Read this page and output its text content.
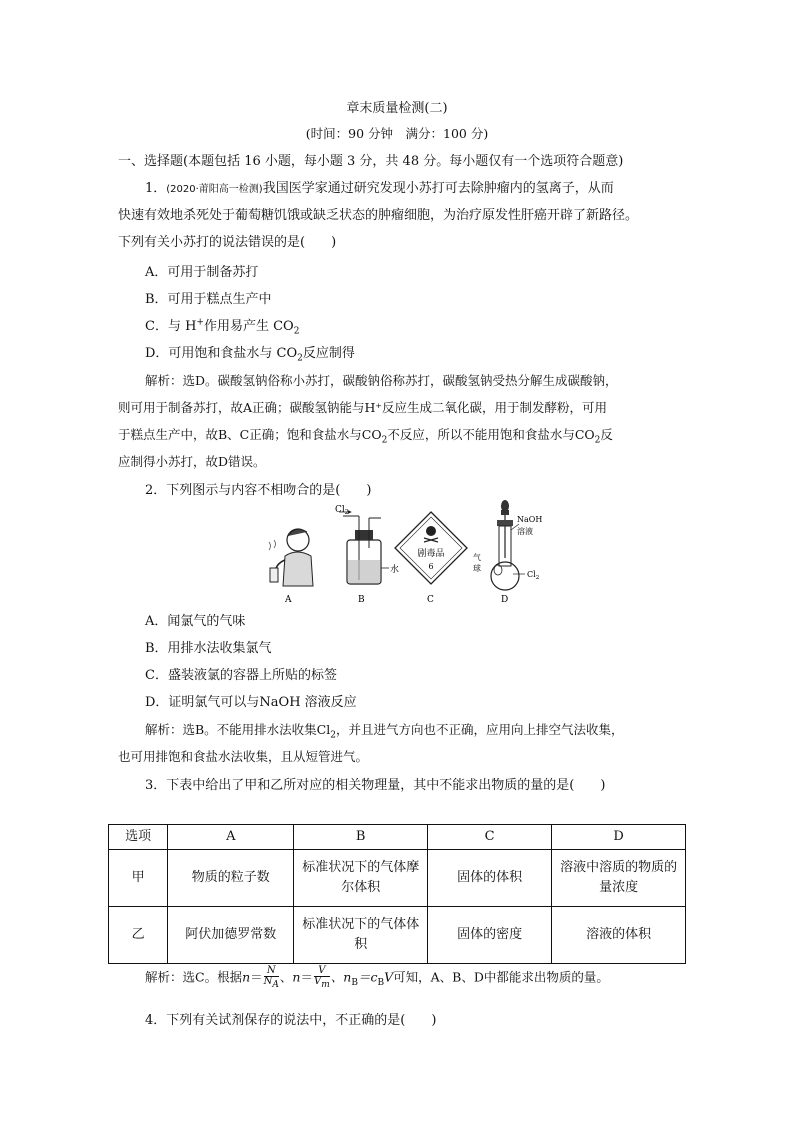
章末质量检测(二)
(时间：90 分钟　满分：100 分)
一、选择题(本题包括 16 小题，每小题 3 分，共 48 分。每小题仅有一个选项符合题意)
1．(2020·莆阳高一检测)我国医学家通过研究发现小苏打可去除肿瘤内的氢离子，从而
快速有效地杀死处于葡萄糖饥饿或缺乏状态的肿瘤细胞，为治疗原发性肝癌开辟了新路径。
下列有关小苏打的说法错误的是(　　)
A．可用于制备苏打
B．可用于糕点生产中
C．与 H+作用易产生 $CO_2$
D．可用饱和食盐水与 $CO_2$反应制得
解析：选D。碳酸氢钠俗称小苏打，碳酸钠俗称苏打，碳酸氢钠受热分解生成碳酸钠，
则可用于制备苏打，故A正确；碳酸氢钠能与H⁺反应生成二氧化碳，用于制发酵粉，可用
于糕点生产中，故B、C正确；饱和食盐水与$CO_2$不反应，所以不能用饱和食盐水与$CO_2$反
应制得小苏打，故D错误。
2．下列图示与内容不相吻合的是(　　)
A
$Cl_2$
水
B
剧毒品
6
C
NaOH
溶液
气
球
$Cl_2$
D
A．闻氯气的气味
B．用排水法收集氯气
C．盛装液氯的容器上所贴的标签
D．证明氯气可以与NaOH 溶液反应
解析：选B。不能用排水法收集$Cl_2$，并且进气方向也不正确，应用向上排空气法收集，
也可用排饱和食盐水法收集，且从短管进气。
3．下表中给出了甲和乙所对应的相关物理量，其中不能求出物质的量的是(　　)
选项	A	B	C	D
甲	物质的粒子数	标准状况下的气体摩尔体积	固体的体积	溶液中溶质的物质的量浓度
乙	阿伏加德罗常数	标准状况下的气体体积	固体的密度	溶液的体积
解析：选C。根据$n= \frac{N}{N_A}$ 、$n= \frac{V}{V_m}$ 、$n_B=c_BV$可知，A、B、D中都能求出物质的量。
4．下列有关试剂保存的说法中，不正确的是(　　)
